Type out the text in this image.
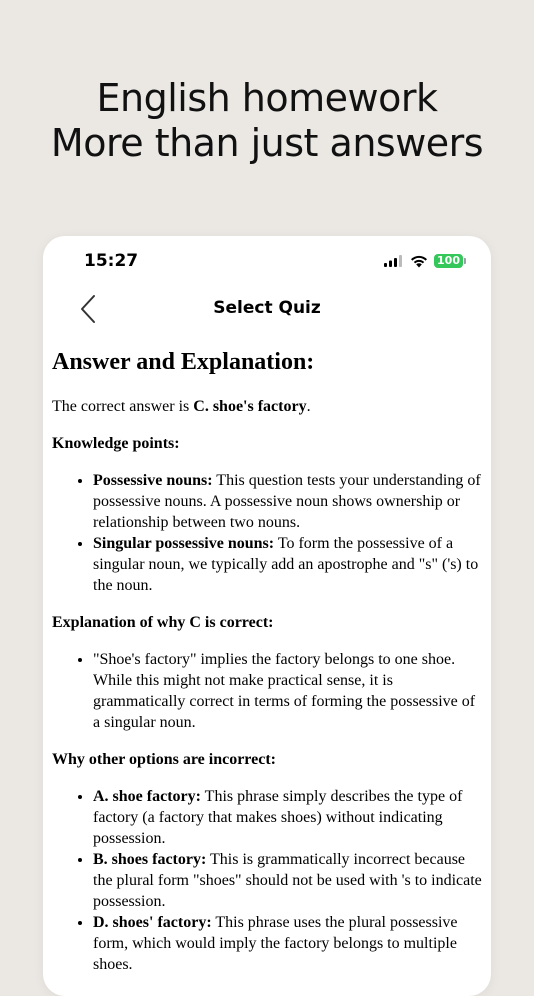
English homework
More than just answers
15:27	100
Select Quiz
Answer and Explanation:

The correct answer is C. shoe's factory.

Knowledge points:
• Possessive nouns: This question tests your understanding of possessive nouns. A possessive noun shows ownership or relationship between two nouns.
• Singular possessive nouns: To form the possessive of a singular noun, we typically add an apostrophe and "s" ('s) to the noun.
Explanation of why C is correct:
• "Shoe's factory" implies the factory belongs to one shoe. While this might not make practical sense, it is grammatically correct in terms of forming the possessive of a singular noun.
Why other options are incorrect:
• A. shoe factory: This phrase simply describes the type of factory (a factory that makes shoes) without indicating possession.
• B. shoes factory: This is grammatically incorrect because the plural form "shoes" should not be used with 's to indicate possession.
• D. shoes' factory: This phrase uses the plural possessive form, which would imply the factory belongs to multiple shoes.
